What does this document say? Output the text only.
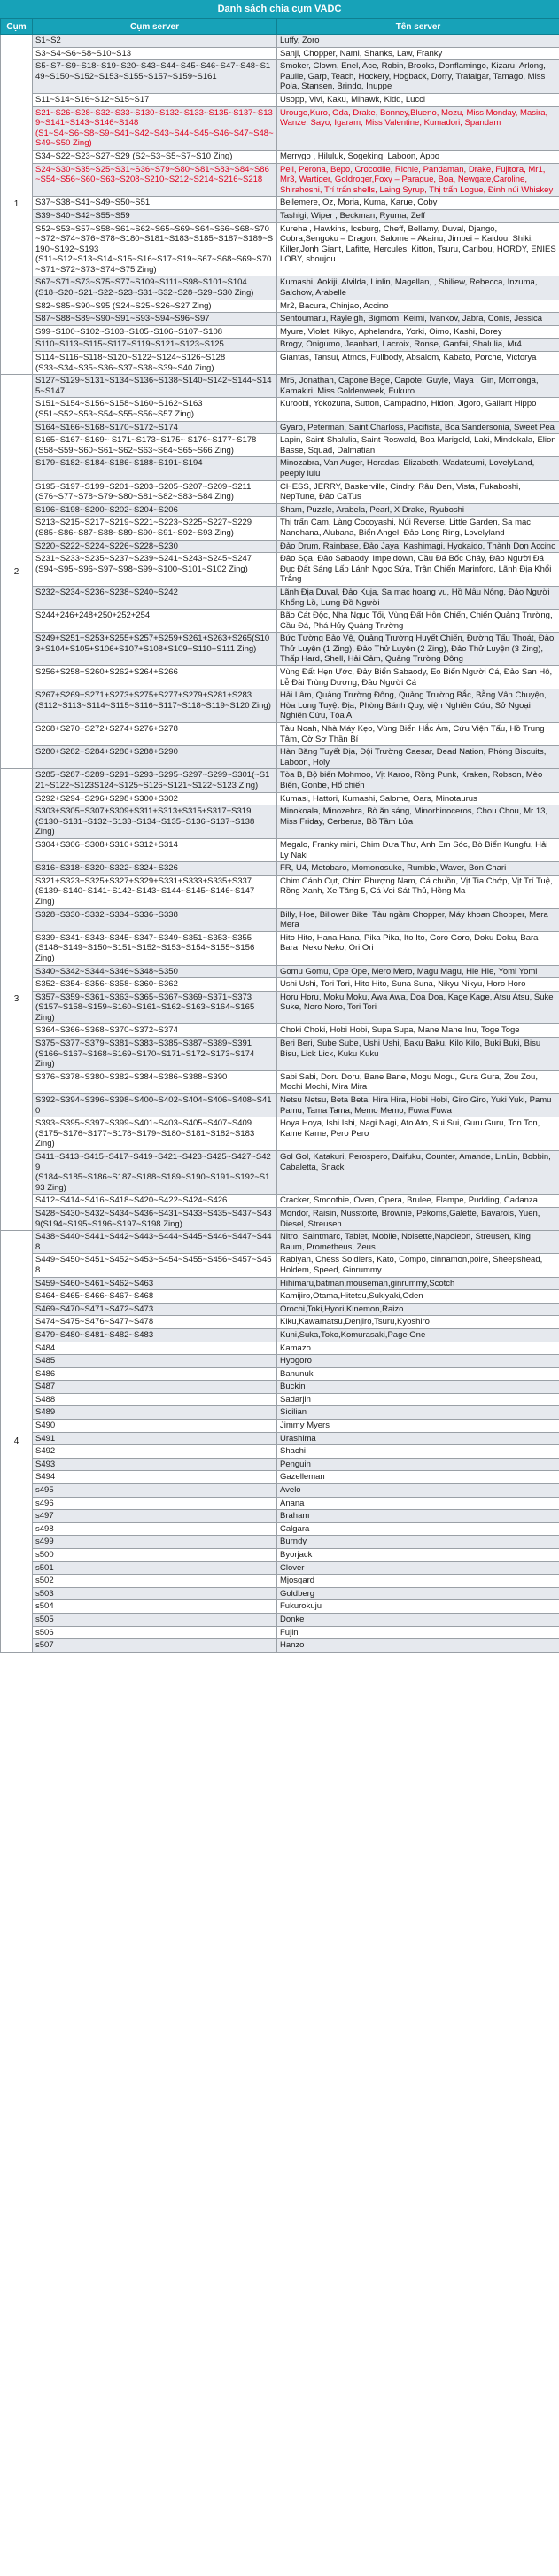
Danh sách chia cụm VADC
Cụm	Cụm server	Tên server
1	S1~S2	Luffy, Zoro
	S3~S4~S6~S8~S10~S13	Sanji, Chopper, Nami, Shanks, Law, Franky
	S5~S7~S9~S18~S19~S20~S43~S44~S45~S46~S47~S48~S149~S150~S152~S153~S155~S157~S159~S161	Smoker, Clown, Enel, Ace, Robin, Brooks, Donflamingo, Kizaru, Arlong, Paulie, Garp, Teach, Hockery, Hogback, Dorry, Trafalgar, Tamago, Miss Pola, Stansen, Brindo, Inuppe
	S11~S14~S16~S12~S15~S17	Usopp, Vivi, Kaku, Mihawk, Kidd, Lucci
	S21~S26~S28~S32~S33~S130~S132~S133~S135~S137~S139~S141~S143~S146~S148 (S1~S4~S6~S8~S9~S41~S42~S43~S44~S45~S46~S47~S48~S49~S50 Zing)	Urouge,Kuro, Oda, Drake, Bonney,Blueno, Mozu, Miss Monday, Masira, Wanze, Sayo, Igaram, Miss Valentine, Kumadori, Spandam
	S34~S22~S23~S27~S29 (S2~S3~S5~S7~S10 Zing)	Merrygo , Hiluluk, Sogeking, Laboon, Appo
	S24~S30~S35~S25~S31~S36~S79~S80~S81~S83~S84~S86~S54~S56~S60~S63~S208~S210~S212~S214~S216~S218	Pell, Perona, Bepo, Crocodile, Richie, Pandaman, Drake, Fujitora, Mr1, Mr3, Wartiger, Goldroger,Foxy – Parague, Boa, Newgate,Caroline, Shirahoshi, Trí trấn shells, Laing Syrup, Thị trấn Logue, Đinh núi Whiskey
	S37~S38~S41~S49~S50~S51	Bellemere, Oz, Moria, Kuma, Karue, Coby
	S39~S40~S42~S55~S59	Tashigi, Wiper , Beckman, Ryuma, Zeff
	S52~S53~S57~S58~S61~S62~S65~S69~S64~S66~S68~S70~S72~S74~S76~S78~S180~S181~S183~S185~S187~S189~S190~S192~S193 (S11~S12~S13~S14~S15~S16~S17~S19~S67~S68~S69~S70~S71~S72~S73~S74~S75 Zing)	Kureha , Hawkins, Iceburg, Cheff, Bellamy, Duval, Django, Cobra,Sengoku – Dragon, Salome – Akainu, Jimbei – Kaidou, Shiki, Killer,Jonh Giant, Lafitte, Hercules, Kitton, Tsuru, Caribou, HORDY, ENIES LOBY, shoujou
	S67~S71~S73~S75~S77~S109~S111~S98~S101~S104 (S18~S20~S21~S22~S23~S31~S32~S28~S29~S30 Zing)	Kumashi, Aokiji, Alvilda, Linlin, Magellan, , Shiliew, Rebecca, Inzuma, Salchow, Arabelle
	S82~S85~S90~S95 (S24~S25~S26~S27 Zing)	Mr2, Bacura, Chinjao, Accino
	S87~S88~S89~S90~S91~S93~S94~S96~S97	Sentoumaru, Rayleigh, Bigmom, Keimi, Ivankov, Jabra, Conis, Jessica
	S99~S100~S102~S103~S105~S106~S107~S108	Myure, Violet, Kikyo, Aphelandra, Yorki, Oimo, Kashi, Dorey
	S110~S113~S115~S117~S119~S121~S123~S125	Brogy, Onigumo, Jeanbart, Lacroix, Ronse, Ganfai, Shalulia, Mr4
	S114~S116~S118~S120~S122~S124~S126~S128 (S33~S34~S35~S36~S37~S38~S39~S40 Zing)	Giantas, Tansui, Atmos, Fullbody, Absalom, Kabato, Porche, Victorya
2	S127~S129~S131~S134~S136~S138~S140~S142~S144~S145~S147	Mr5, Jonathan, Capone Bege, Capote, Guyle, Maya , Gin, Momonga, Kamakiri, Miss Goldenweek, Fukuro
	S151~S154~S156~S158~S160~S162~S163 (S51~S52~S53~S54~S55~S56~S57 Zing)	Kuroobi, Yokozuna, Sutton, Campacino, Hidon, Jigoro, Gallant Hippo
	S164~S166~S168~S170~S172~S174	Gyaro, Peterman, Saint Charloss, Pacifista, Boa Sandersonia, Sweet Pea
	S165~S167~S169~ S171~S173~S175~ S176~S177~S178 (S58~S59~S60~S61~S62~S63~S64~S65~S66 Zing)	Lapin, Saint Shalulia, Saint Roswald, Boa Marigold, Laki, Mindokala, Elion Basse, Squad, Dalmatian
	S179~S182~S184~S186~S188~S191~S194	Minozabra, Van Auger, Heradas, Elizabeth, Wadatsumi, LovelyLand, peeply lulu
	S195~S197~S199~S201~S203~S205~S207~S209~S211 (S76~S77~S78~S79~S80~S81~S82~S83~S84 Zing)	CHESS, JERRY, Baskerville, Cindry, Râu Đen, Vista, Fukaboshi, NepTune, Đảo CaTus
	S196~S198~S200~S202~S204~S206	Sham, Puzzle, Arabela, Pearl, X Drake, Ryuboshi
	S213~S215~S217~S219~S221~S223~S225~S227~S229 (S85~S86~S87~S88~S89~S90~S91~S92~S93 Zing)	Thị trấn Cam, Làng Cocoyashi, Núi Reverse, Little Garden, Sa mạc Nanohana, Alubana, Biển Angel, Đảo Long Ring, Lovelyland
	S220~S222~S224~S226~S228~S230	Đảo Drum, Rainbase, Đảo Jaya, Kashimagi, Hyokaido, Thành Don Accino
	S231~S233~S235~S237~S239~S241~S243~S245~S247 (S94~S95~S96~S97~S98~S99~S100~S101~S102 Zing)	Đảo Sọa, Đảo Sabaody, Impeldown, Cầu Đá Bốc Cháy, Đảo Người Đá Đục Đất Sáng Lấp Lánh Ngọc Sứa, Trận Chiến Marinford, Lãnh Địa Khổi Trắng
	S232~S234~S236~S238~S240~S242	Lãnh Địa Duval, Đảo Kuja, Sa mạc hoang vu, Hồ Mẫu Nông, Đảo Người Khổng Lồ, Lưng Đồ Người
	S244+246+248+250+252+254	Bão Cát Độc, Nhà Ngục Tối, Vùng Đất Hỗn Chiến, Chiến Quảng Trường, Cầu Đá, Phá Hủy Quảng Trường
	S249+S251+S253+S255+S257+S259+S261+S263+S265(S103+S104+S105+S106+S107+S108+S109+S110+S111 Zing)	Bức Tường Bảo Vệ, Quảng Trường Huyết Chiến, Đường Tấu Thoát, Đảo Thử Luyện (1 Zing), Đảo Thử Luyện (2 Zing), Đảo Thử Luyện (3 Zing), Thấp Hard, Shell, Hải Cảm, Quảng Trường Đông
	S256+S258+S260+S262+S264+S266	Vùng Đất Hẹn Ước, Đảy Biển Sabaody, Eo Biển Người Cá, Đảo San Hô, Lễ Đài Trùng Dương, Đảo Người Cá
	S267+S269+S271+S273+S275+S277+S279+S281+S283 (S112~S113~S114~S115~S116~S117~S118~S119~S120 Zing)	Hải Lâm, Quảng Trường Đông, Quảng Trường Bắc, Bằng Vân Chuyện, Hòa Long Tuyệt Địa, Phòng Bánh Quy, viện Nghiên Cứu, Sở Ngoại Nghiên Cứu, Tòa A
	S268+S270+S272+S274+S276+S278	Tàu Noah, Nhà Máy Kẹo, Vùng Biển Hắc Ám, Cứu Viện Tấu, Hồ Trung Tâm, Cờ Sơ Thần Bí
	S280+S282+S284+S286+S288+S290	Hàn Băng Tuyết Địa, Đội Trường Caesar, Dead Nation, Phòng Biscuits, Laboon, Holy
3	S285~S287~S289~S291~S293~S295~S297~S299~S301(~S121~S122~S123S124~S125~S126~S121~S122~S123 Zing)	Tòa B, Bộ biến Mohmoo, Vịt Karoo, Rồng Punk, Kraken, Robson, Mèo Biển, Gonbe, Hổ chiến
	S292+S294+S296+S298+S300+S302	Kumasi, Hattori, Kumashi, Salome, Oars, Minotaurus
	S303+S305+S307+S309+S311+S313+S315+S317+S319 (S130~S131~S132~S133~S134~S135~S136~S137~S138 Zing)	Minokoala, Minozebra, Bò ăn sáng, Minorhinoceros, Chou Chou, Mr 13, Miss Friday, Cerberus, Bồ Tầm Lửa
	S304+S306+S308+S310+S312+S314	Megalo, Franky mini, Chim Đưa Thư, Anh Em Sóc, Bò Biển Kungfu, Hải Ly Naki
	S316~S318~S320~S322~S324~S326	FR, U4, Motobaro, Momonosuke, Rumble, Waver, Bon Chari
	S321+S323+S325+S327+S329+S331+S333+S335+S337 (S139~S140~S141~S142~S143~S144~S145~S146~S147 Zing)	Chim Cánh Cụt, Chim Phượng Nam, Cá chuồn, Vịt Tia Chớp, Vịt Trí Tuệ, Rồng Xanh, Xe Tăng 5, Cá Voi Sát Thủ, Hồng Ma
	S328~S330~S332~S334~S336~S338	Billy, Hoe, Billower Bike, Tàu ngầm Chopper, Máy khoan Chopper, Mera Mera
	S339~S341~S343~S345~S347~S349~S351~S353~S355 (S148~S149~S150~S151~S152~S153~S154~S155~S156 Zing)	Hito Hito, Hana Hana, Pika Pika, Ito Ito, Goro Goro, Doku Doku, Bara Bara, Neko Neko, Ori Ori
	S340~S342~S344~S346~S348~S350	Gomu Gomu, Ope Ope, Mero Mero, Magu Magu, Hie Hie, Yomi Yomi
	S352~S354~S356~S358~S360~S362	Ushi Ushi, Tori Tori, Hito Hito, Suna Suna, Nikyu Nikyu, Horo Horo
	S357~S359~S361~S363~S365~S367~S369~S371~S373 (S157~S158~S159~S160~S161~S162~S163~S164~S165 Zing)	Horu Horu, Moku Moku, Awa Awa, Doa Doa, Kage Kage, Atsu Atsu, Suke Suke, Noro Noro, Tori Tori
	S364~S366~S368~S370~S372~S374	Choki Choki, Hobi Hobi, Supa Supa, Mane Mane Inu, Toge Toge
	S375~S377~S379~S381~S383~S385~S387~S389~S391 (S166~S167~S168~S169~S170~S171~S172~S173~S174 Zing)	Beri Beri, Sube Sube, Ushi Ushi, Baku Baku, Kilo Kilo, Buki Buki, Bisu Bisu, Lick Lick, Kuku Kuku
	S376~S378~S380~S382~S384~S386~S388~S390	Sabi Sabi, Doru Doru, Bane Bane, Mogu Mogu, Gura Gura, Zou Zou, Mochi Mochi, Mira Mira
	S392~S394~S396~S398~S400~S402~S404~S406~S408~S410	Netsu Netsu, Beta Beta, Hira Hira, Hobi Hobi, Giro Giro, Yuki Yuki, Pamu Pamu, Tama Tama, Memo Memo, Fuwa Fuwa
	S393~S395~S397~S399~S401~S403~S405~S407~S409 (S175~S176~S177~S178~S179~S180~S181~S182~S183 Zing)	Hoya Hoya, Ishi Ishi, Nagi Nagi, Ato Ato, Sui Sui, Guru Guru, Ton Ton, Kame Kame, Pero Pero
	S411~S413~S415~S417~S419~S421~S423~S425~S427~S429 (S184~S185~S186~S187~S188~S189~S190~S191~S192~S193 Zing)	Gol Gol, Katakuri, Perospero, Daifuku, Counter, Amande, LinLin, Bobbin, Cabaletta, Snack
	S412~S414~S416~S418~S420~S422~S424~S426	Cracker, Smoothie, Oven, Opera, Brulee, Flampe, Pudding, Cadanza
	S428~S430~S432~S434~S436~S431~S433~S435~S437~S439(S194~S195~S196~S197~S198 Zing)	Mondor, Raisin, Nusstorte, Brownie, Pekoms,Galette, Bavarois, Yuen, Diesel, Streusen
4	S438~S440~S441~S442~S443~S444~S445~S446~S447~S448	Nitro, Saintmarc, Tablet, Mobile, Noisette,Napoleon, Streusen, King Baum, Prometheus, Zeus
	S449~S450~S451~S452~S453~S454~S455~S456~S457~S458	Rabiyan, Chess Soldiers, Kato, Compo, cinnamon,poire, Sheepshead, Holdem, Speed, Ginrummy
	S459~S460~S461~S462~S463	Hihimaru,batman,mouseman,ginrummy,Scotch
	S464~S465~S466~S467~S468	Kamijiro,Otama,Hitetsu,Sukiyaki,Oden
	S469~S470~S471~S472~S473	Orochi,Toki,Hyori,Kinemon,Raizo
	S474~S475~S476~S477~S478	Kiku,Kawamatsu,Denjiro,Tsuru,Kyoshiro
	S479~S480~S481~S482~S483	Kuni,Suka,Toko,Komurasaki,Page One
	S484	Kamazo
	S485	Hyogoro
	S486	Banunuki
	S487	Buckin
	S488	Sadarjin
	S489	Sicilian
	S490	Jimmy Myers
	S491	Urashima
	S492	Shachi
	S493	Penguin
	S494	Gazelleman
	s495	Avelo
	s496	Anana
	s497	Braham
	s498	Calgara
	s499	Burndy
	s500	Byorjack
	s501	Clover
	s502	Mjosgard
	s503	Goldberg
	s504	Fukurokuju
	s505	Donke
	s506	Fujin
	s507	Hanzo
